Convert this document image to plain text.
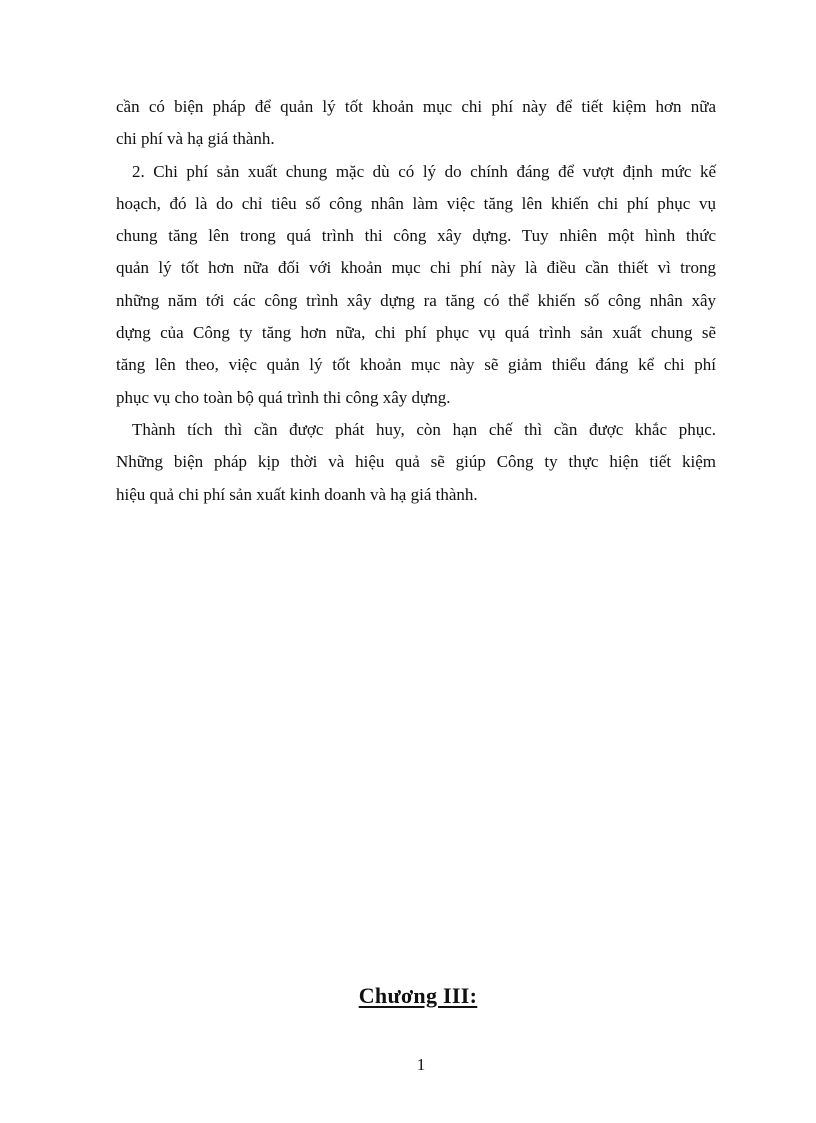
cần có biện pháp để quản lý tốt khoản mục chi phí này để tiết kiệm hơn nữa
chi phí và hạ giá thành.
2. Chi phí sản xuất chung mặc dù có lý do chính đáng để vượt định mức kế
hoạch, đó là do chỉ tiêu số công nhân làm việc tăng lên khiến chi phí phục vụ
chung tăng lên trong quá trình thi công xây dựng. Tuy nhiên một hình thức
quản lý tốt hơn nữa đối với khoản mục chi phí này là điều cần thiết vì trong
những năm tới các công trình xây dựng ra tăng có thể khiến số công nhân xây
dựng của Công ty tăng hơn nữa, chi phí phục vụ quá trình sản xuất chung sẽ
tăng lên theo, việc quản lý tốt khoản mục này sẽ giảm thiểu đáng kể chi phí
phục vụ cho toàn bộ quá trình thi công xây dựng.
Thành tích thì cần được phát huy, còn hạn chế thì cần được khắc phục.
Những biện pháp kịp thời và hiệu quả sẽ giúp Công ty thực hiện tiết kiệm
hiệu quả chi phí sản xuất kinh doanh và hạ giá thành.
Chương III:
1
